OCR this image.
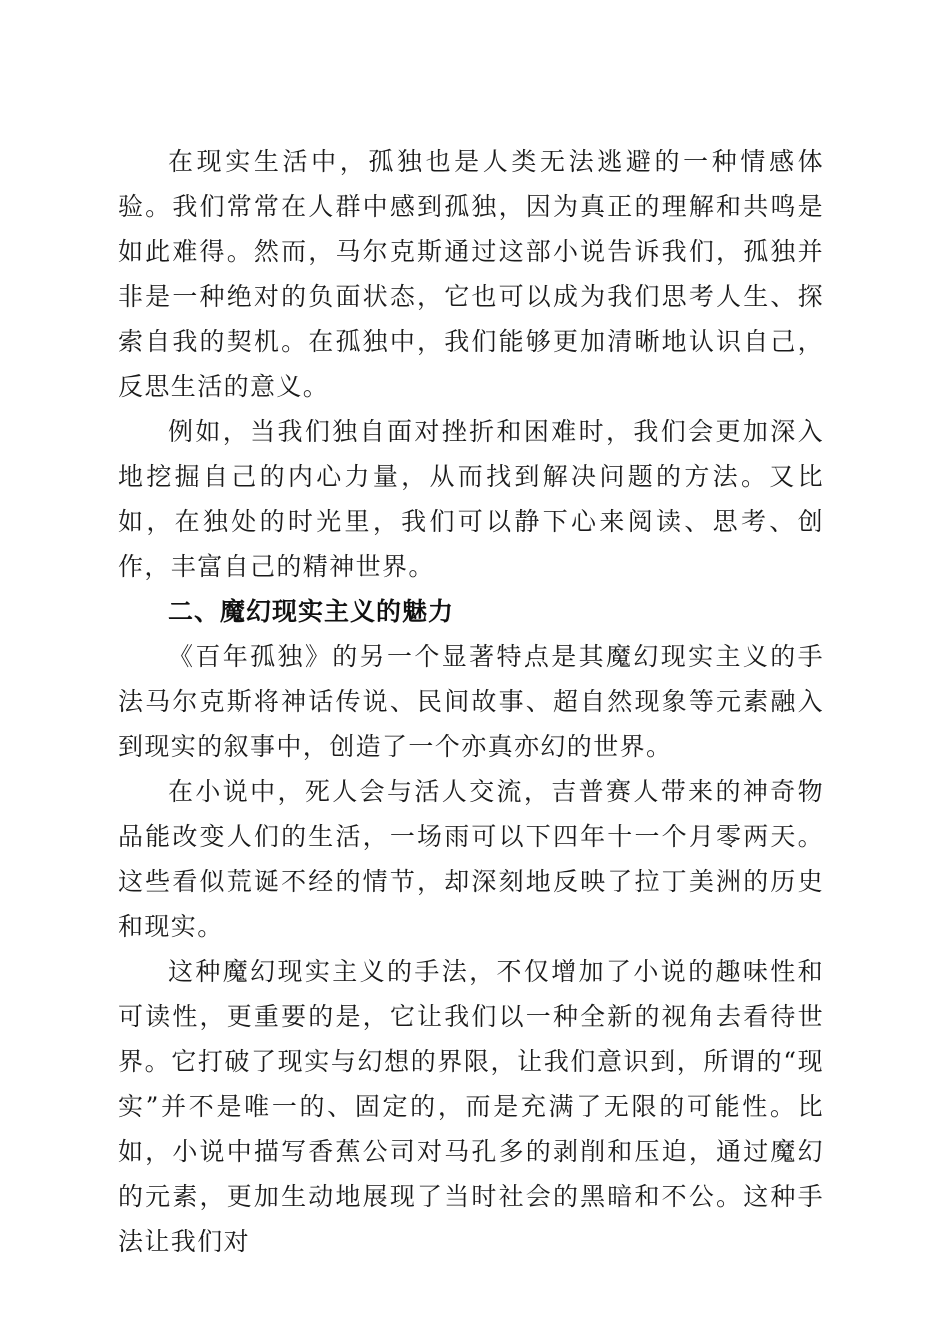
在现实生活中，孤独也是人类无法逃避的一种情感体验。我们常常在人群中感到孤独，因为真正的理解和共鸣是如此难得。然而，马尔克斯通过这部小说告诉我们，孤独并非是一种绝对的负面状态，它也可以成为我们思考人生、探索自我的契机。在孤独中，我们能够更加清晰地认识自己，反思生活的意义。

例如，当我们独自面对挫折和困难时，我们会更加深入地挖掘自己的内心力量，从而找到解决问题的方法。又比如，在独处的时光里，我们可以静下心来阅读、思考、创作，丰富自己的精神世界。

二、魔幻现实主义的魅力

《百年孤独》的另一个显著特点是其魔幻现实主义的手法马尔克斯将神话传说、民间故事、超自然现象等元素融入到现实的叙事中，创造了一个亦真亦幻的世界。

在小说中，死人会与活人交流，吉普赛人带来的神奇物品能改变人们的生活，一场雨可以下四年十一个月零两天。这些看似荒诞不经的情节，却深刻地反映了拉丁美洲的历史和现实。

这种魔幻现实主义的手法，不仅增加了小说的趣味性和可读性，更重要的是，它让我们以一种全新的视角去看待世界。它打破了现实与幻想的界限，让我们意识到，所谓的“现实”并不是唯一的、固定的，而是充满了无限的可能性。比如，小说中描写香蕉公司对马孔多的剥削和压迫，通过魔幻的元素，更加生动地展现了当时社会的黑暗和不公。这种手法让我们对
